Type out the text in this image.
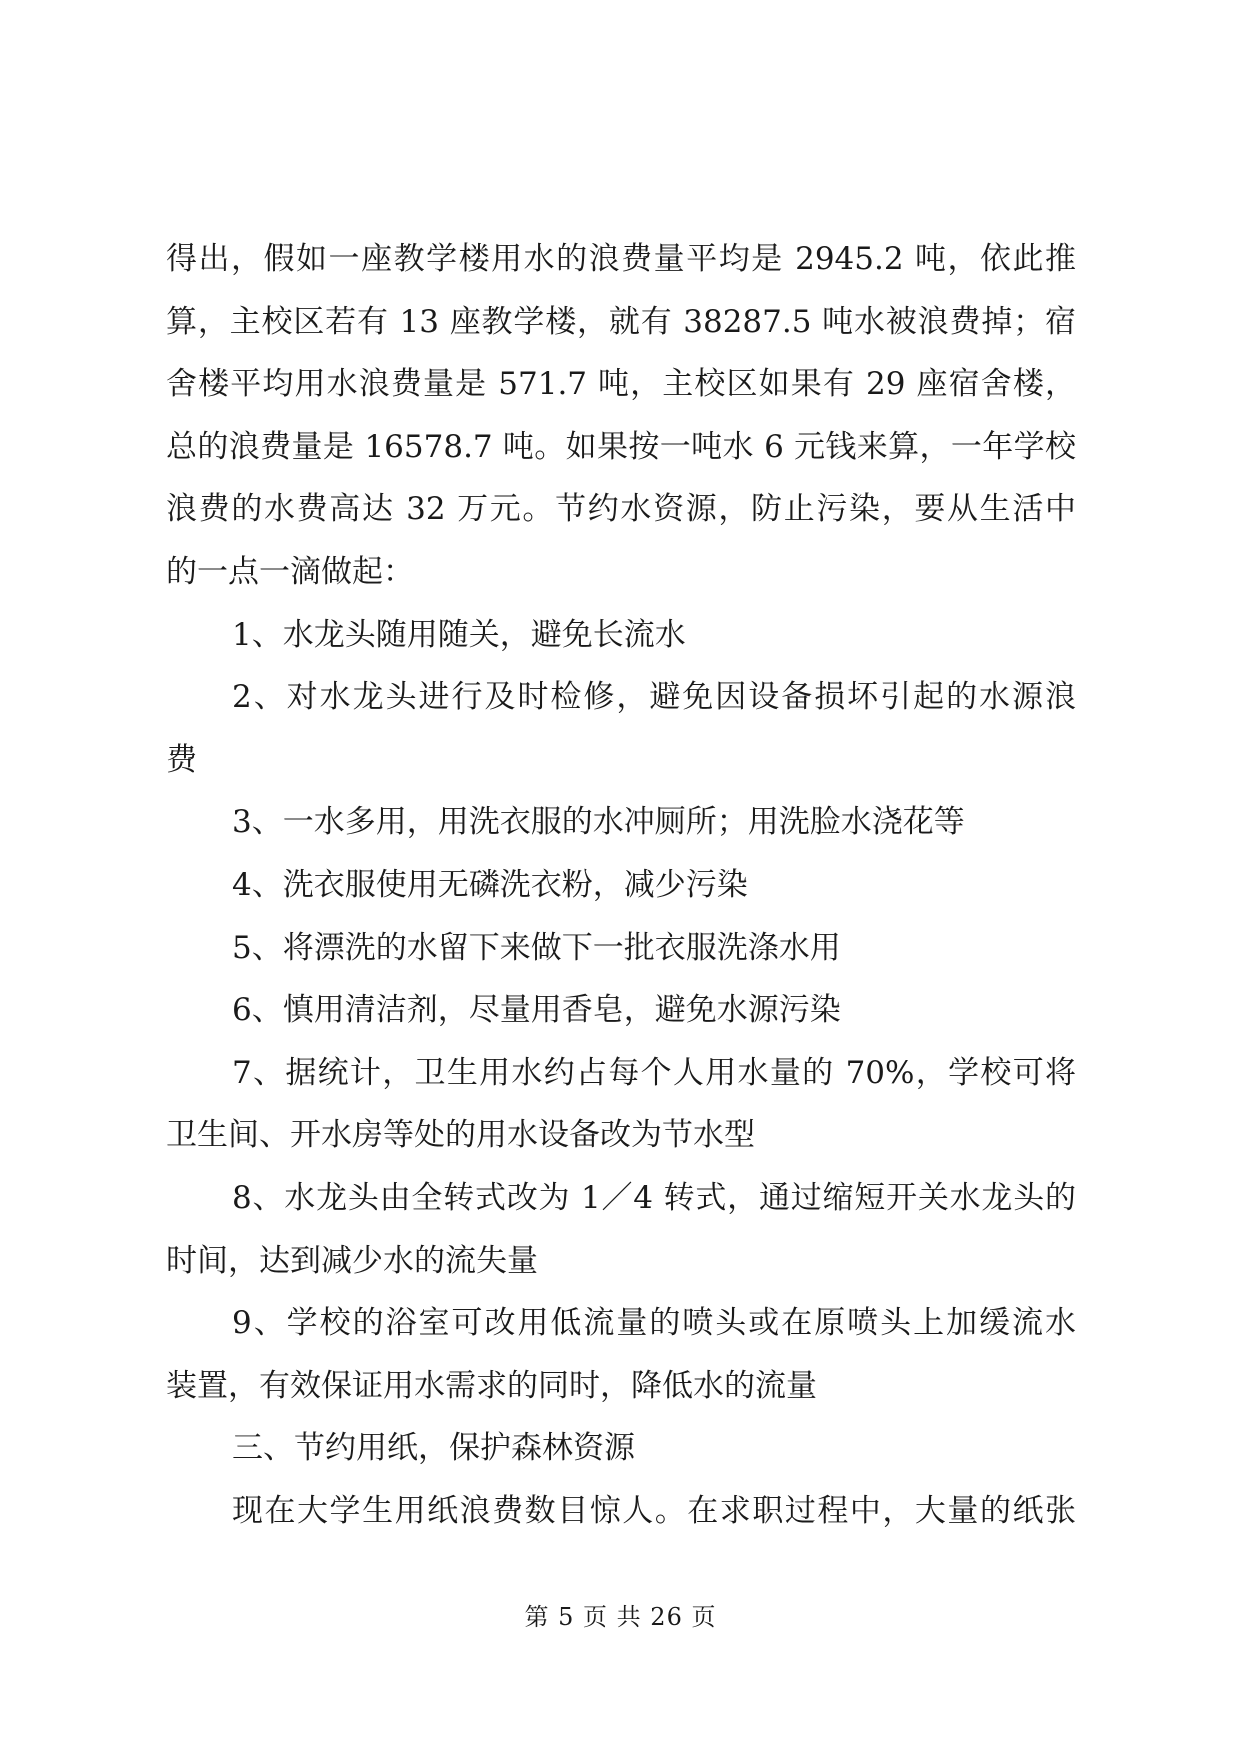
得出，假如一座教学楼用水的浪费量平均是 2945.2 吨，依此推
算，主校区若有 13 座教学楼，就有 38287.5 吨水被浪费掉；宿
舍楼平均用水浪费量是 571.7 吨，主校区如果有 29 座宿舍楼，
总的浪费量是 16578.7 吨。如果按一吨水 6 元钱来算，一年学校
浪费的水费高达 32 万元。节约水资源，防止污染，要从生活中
的一点一滴做起：
1、水龙头随用随关，避免长流水
2、对水龙头进行及时检修，避免因设备损坏引起的水源浪
费
3、一水多用，用洗衣服的水冲厕所；用洗脸水浇花等
4、洗衣服使用无磷洗衣粉，减少污染
5、将漂洗的水留下来做下一批衣服洗涤水用
6、慎用清洁剂，尽量用香皂，避免水源污染
7、据统计，卫生用水约占每个人用水量的 70%，学校可将
卫生间、开水房等处的用水设备改为节水型
8、水龙头由全转式改为 1／4 转式，通过缩短开关水龙头的
时间，达到减少水的流失量
9、学校的浴室可改用低流量的喷头或在原喷头上加缓流水
装置，有效保证用水需求的同时，降低水的流量
三、节约用纸，保护森林资源
现在大学生用纸浪费数目惊人。在求职过程中，大量的纸张
第 5 页 共 26 页
